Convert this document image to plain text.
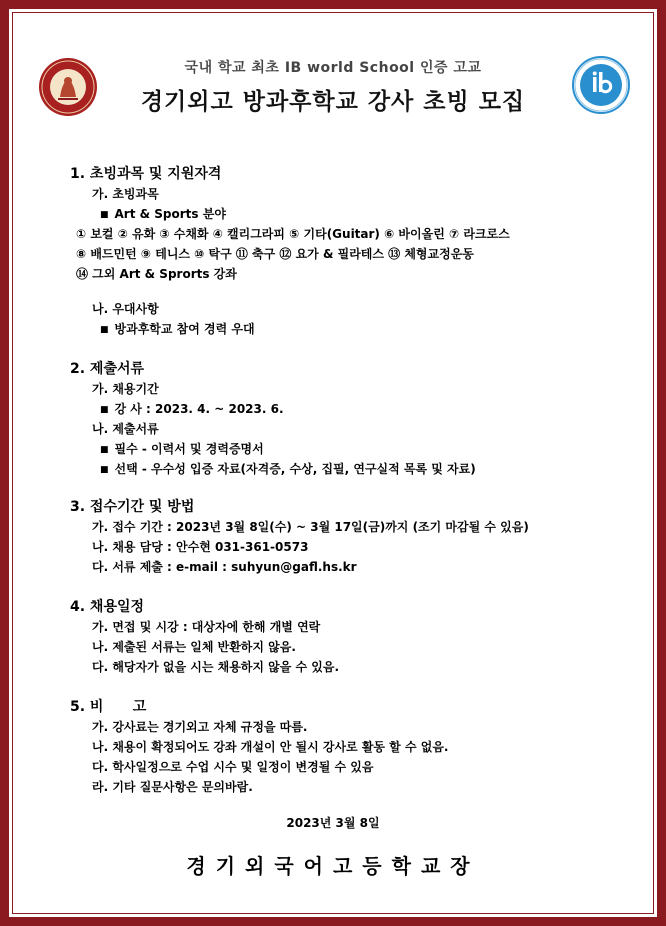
국내 학교 최초 IB world School 인증 고교
경기외고 방과후학교 강사 초빙 모집
1. 초빙과목 및 지원자격
가. 초빙과목
■ Art & Sports 분야
① 보컬 ② 유화 ③ 수채화 ④ 캘리그라피 ⑤ 기타(Guitar) ⑥ 바이올린 ⑦ 라크로스
⑧ 배드민턴 ⑨ 테니스 ⑩ 탁구 ⑪ 축구 ⑫ 요가 & 필라테스 ⑬ 체형교정운동
⑭ 그외 Art & Sprorts 강좌
나. 우대사항
■ 방과후학교 참여 경력 우대
2. 제출서류
가. 채용기간
■ 강 사 : 2023. 4. ~ 2023. 6.
나. 제출서류
■ 필수 - 이력서 및 경력증명서
■ 선택 - 우수성 입증 자료(자격증, 수상, 집필, 연구실적 목록 및 자료)
3. 접수기간 및 방법
가. 접수 기간 : 2023년 3월 8일(수) ~ 3월 17일(금)까지 (조기 마감될 수 있음)
나. 채용 담당 : 안수현 031-361-0573
다. 서류 제출 : e-mail : suhyun@gafl.hs.kr
4. 채용일정
가. 면접 및 시강 : 대상자에 한해 개별 연락
나. 제출된 서류는 일체 반환하지 않음.
다. 해당자가 없을 시는 채용하지 않을 수 있음.
5. 비      고
가. 강사료는 경기외고 자체 규정을 따름.
나. 채용이 확정되어도 강좌 개설이 안 될시 강사로 활동 할 수 없음.
다. 학사일정으로 수업 시수 및 일정이 변경될 수 있음
라. 기타 질문사항은 문의바람.
2023년 3월 8일
경기외국어고등학교장
